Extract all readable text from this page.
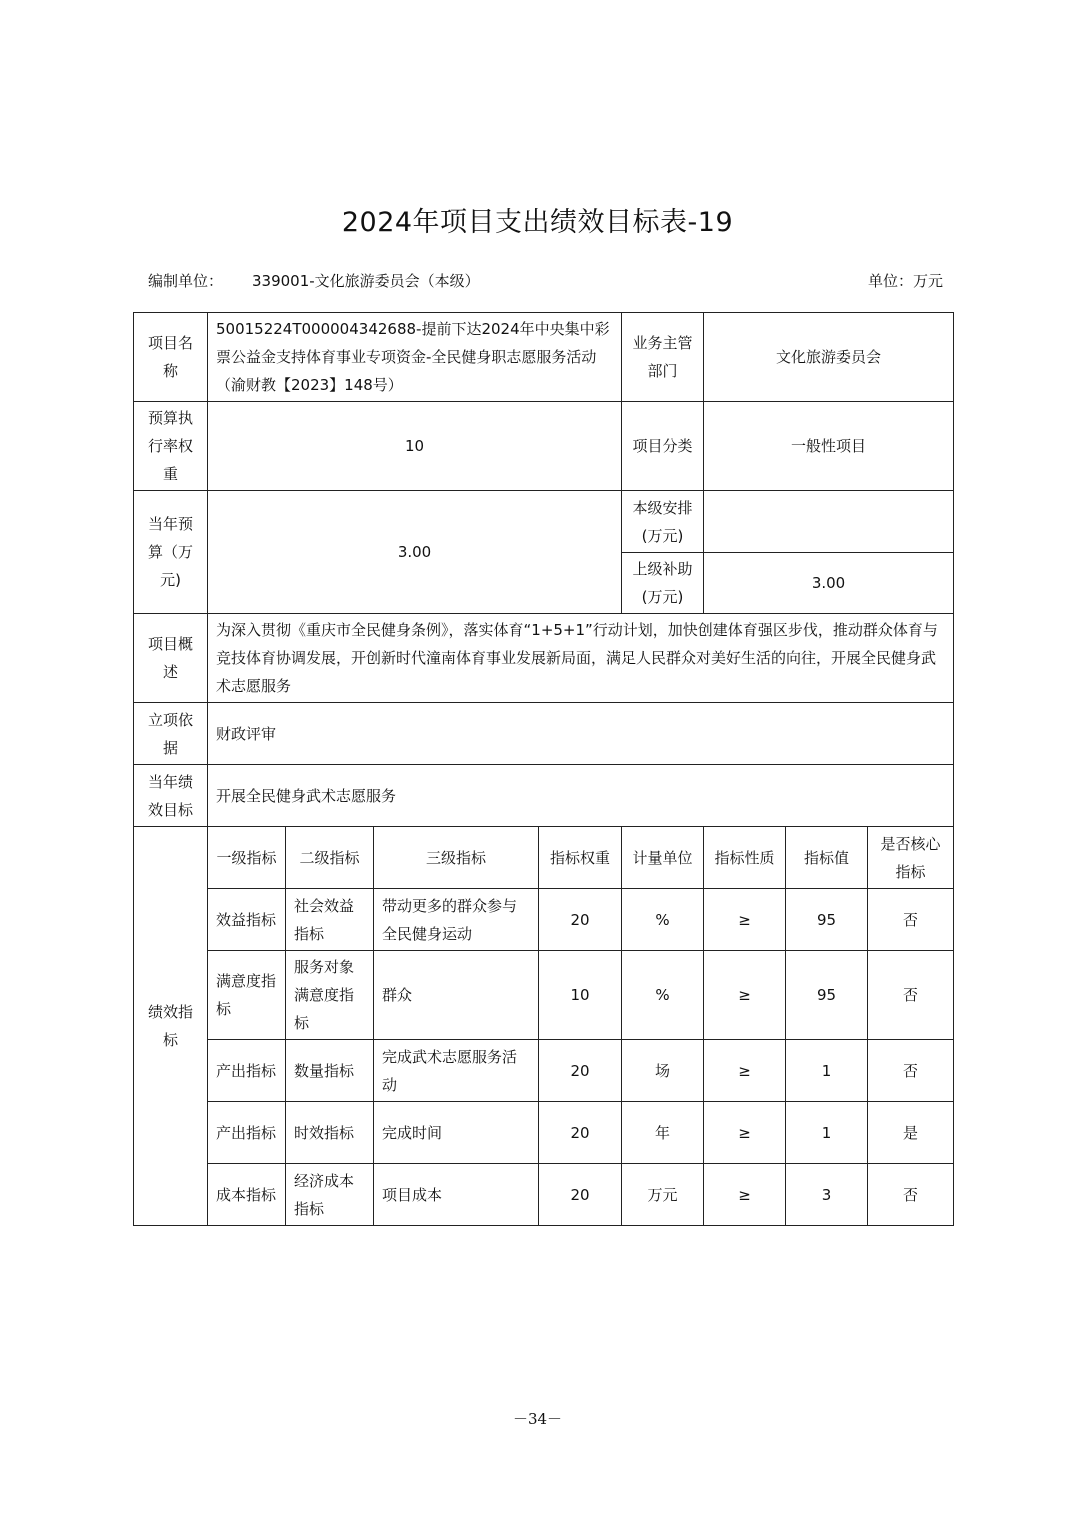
2024年项目支出绩效目标表-19
编制单位： 339001-文化旅游委员会（本级）	单位：万元
项目名称	50015224T000004342688-提前下达2024年中央集中彩票公益金支持体育事业专项资金-全民健身职志愿服务活动（渝财教【2023】148号）				业务主管部门	文化旅游委员会		
预算执行率权重	10				项目分类	一般性项目		
当年预算（万元)	3.00				本级安排(万元)			
					上级补助(万元)	3.00		
项目概述	为深入贯彻《重庆市全民健身条例》，落实体育“1+5+1”行动计划，加快创建体育强区步伐，推动群众体育与竞技体育协调发展，开创新时代潼南体育事业发展新局面，满足人民群众对美好生活的向往，开展全民健身武术志愿服务							
立项依据	财政评审							
当年绩效目标	开展全民健身武术志愿服务							
绩效指标	一级指标	二级指标	三级指标	指标权重	计量单位	指标性质	指标值	是否核心指标
	效益指标	社会效益指标	带动更多的群众参与全民健身运动	20	%	≥	95	否
	满意度指标	服务对象满意度指标	群众	10	%	≥	95	否
	产出指标	数量指标	完成武术志愿服务活动	20	场	≥	1	否
	产出指标	时效指标	完成时间	20	年	≥	1	是
	成本指标	经济成本指标	项目成本	20	万元	≥	3	否
－34－
